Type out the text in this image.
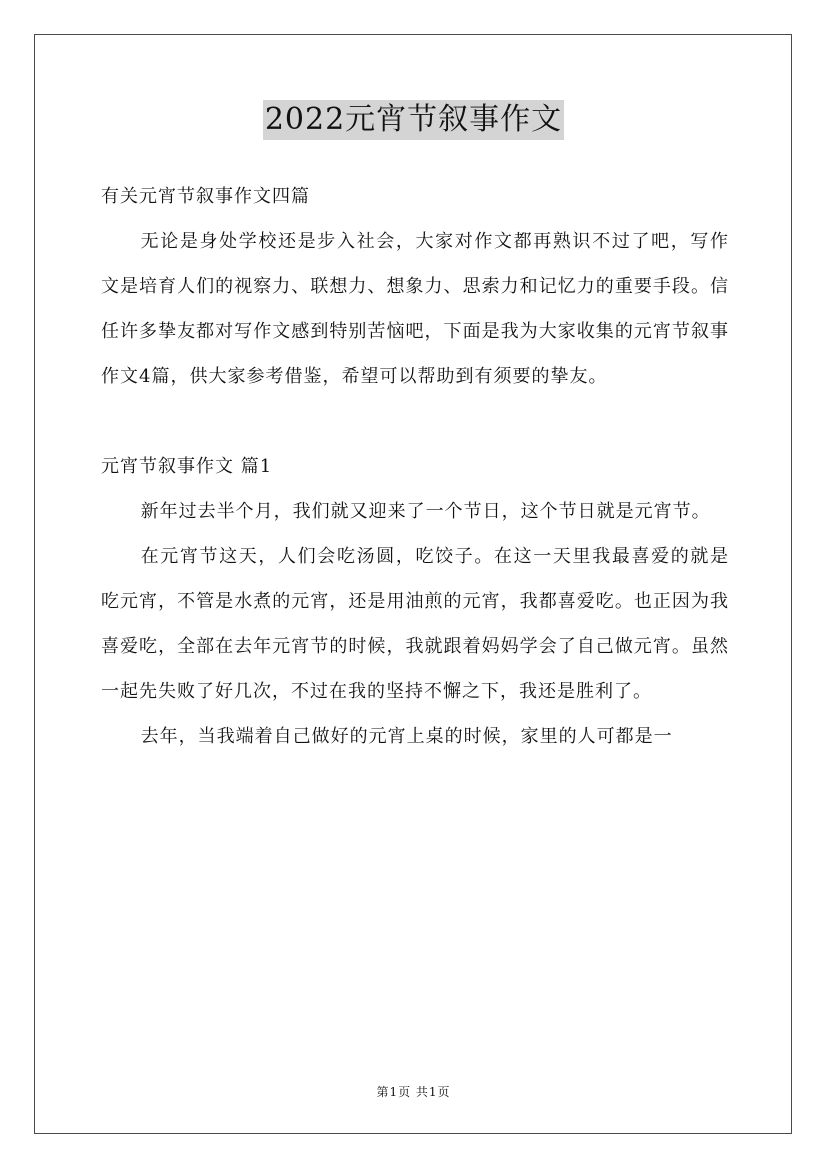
2022元宵节叙事作文

有关元宵节叙事作文四篇

无论是身处学校还是步入社会，大家对作文都再熟识不过了吧，写作文是培育人们的视察力、联想力、想象力、思索力和记忆力的重要手段。信任许多挚友都对写作文感到特别苦恼吧，下面是我为大家收集的元宵节叙事作文4篇，供大家参考借鉴，希望可以帮助到有须要的挚友。

元宵节叙事作文 篇1

新年过去半个月，我们就又迎来了一个节日，这个节日就是元宵节。

在元宵节这天，人们会吃汤圆，吃饺子。在这一天里我最喜爱的就是吃元宵，不管是水煮的元宵，还是用油煎的元宵，我都喜爱吃。也正因为我喜爱吃，全部在去年元宵节的时候，我就跟着妈妈学会了自己做元宵。虽然一起先失败了好几次，不过在我的坚持不懈之下，我还是胜利了。

去年，当我端着自己做好的元宵上桌的时候，家里的人可都是一

第1页 共1页
